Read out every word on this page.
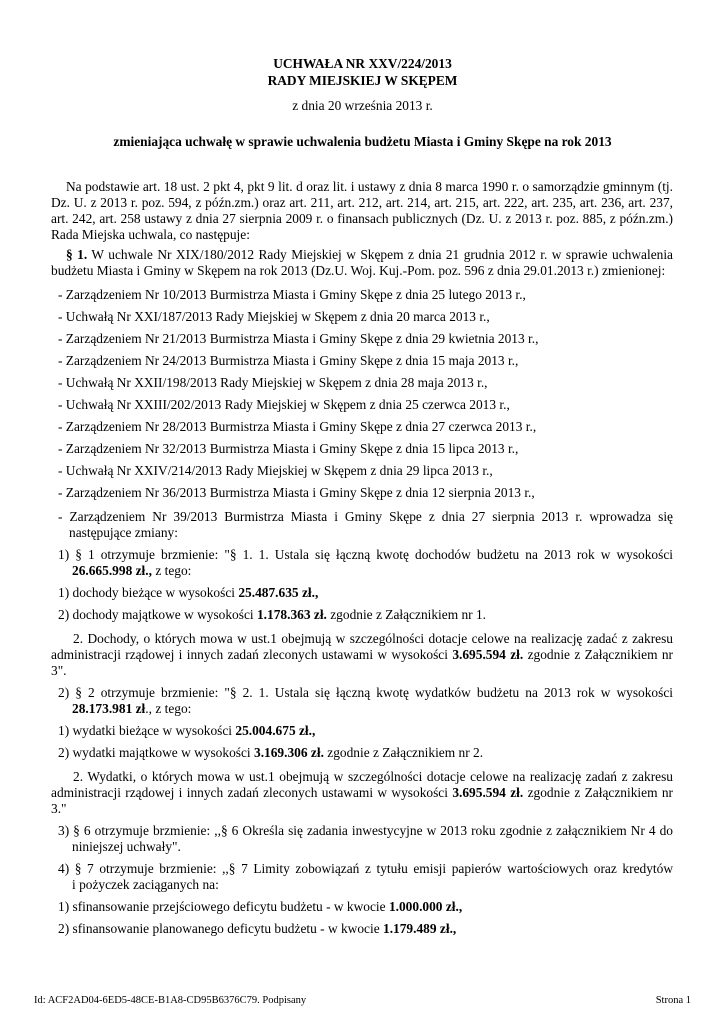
UCHWAŁA NR XXV/224/2013
RADY MIEJSKIEJ W SKĘPEM
z dnia 20 września 2013 r.
zmieniająca uchwałę w sprawie uchwalenia budżetu Miasta i Gminy Skępe na rok 2013
Na podstawie art. 18 ust. 2 pkt 4, pkt 9 lit. d oraz lit. i ustawy z dnia 8 marca 1990 r. o samorządzie gminnym (tj.
Dz. U. z 2013 r. poz. 594, z późn.zm.) oraz art. 211, art. 212, art. 214, art. 215, art. 222, art. 235, art. 236, art. 237,
art. 242, art. 258 ustawy z dnia 27 sierpnia 2009 r. o finansach publicznych (Dz. U. z 2013 r. poz. 885, z późn.zm.)
Rada Miejska uchwala, co następuje:
§ 1. W uchwale Nr XIX/180/2012 Rady Miejskiej w Skępem z dnia 21 grudnia 2012 r. w sprawie uchwalenia
budżetu Miasta i Gminy w Skępem na rok 2013 (Dz.U. Woj. Kuj.-Pom. poz. 596 z dnia 29.01.2013 r.) zmienionej:
- Zarządzeniem Nr 10/2013 Burmistrza Miasta i Gminy Skępe z dnia 25 lutego 2013 r.,
- Uchwałą Nr XXI/187/2013 Rady Miejskiej w Skępem z dnia 20 marca 2013 r.,
- Zarządzeniem Nr 21/2013 Burmistrza Miasta i Gminy Skępe z dnia 29 kwietnia 2013 r.,
- Zarządzeniem Nr 24/2013 Burmistrza Miasta i Gminy Skępe z dnia 15 maja 2013 r.,
- Uchwałą Nr XXII/198/2013 Rady Miejskiej w Skępem z dnia 28 maja 2013 r.,
- Uchwałą Nr XXIII/202/2013 Rady Miejskiej w Skępem z dnia 25 czerwca 2013 r.,
- Zarządzeniem Nr 28/2013 Burmistrza Miasta i Gminy Skępe z dnia 27 czerwca 2013 r.,
- Zarządzeniem Nr 32/2013 Burmistrza Miasta i Gminy Skępe z dnia 15 lipca 2013 r.,
- Uchwałą Nr XXIV/214/2013 Rady Miejskiej w Skępem z dnia 29 lipca 2013 r.,
- Zarządzeniem Nr 36/2013 Burmistrza Miasta i Gminy Skępe z dnia 12 sierpnia 2013 r.,
- Zarządzeniem Nr 39/2013 Burmistrza Miasta i Gminy Skępe z dnia 27 sierpnia 2013 r. wprowadza się
następujące zmiany:
1) § 1 otrzymuje brzmienie: "§ 1. 1. Ustala się łączną kwotę dochodów budżetu na 2013 rok w wysokości
26.665.998 zł., z tego:
1) dochody bieżące w wysokości 25.487.635 zł.,
2) dochody majątkowe w wysokości 1.178.363 zł. zgodnie z Załącznikiem nr 1.
2. Dochody, o których mowa w ust.1 obejmują w szczególności dotacje celowe na realizację zadać z zakresu
administracji rządowej i innych zadań zleconych ustawami w wysokości 3.695.594 zł. zgodnie z Załącznikiem nr
3".
2) § 2 otrzymuje brzmienie: "§ 2. 1. Ustala się łączną kwotę wydatków budżetu na 2013 rok w wysokości
28.173.981 zł., z tego:
1) wydatki bieżące w wysokości 25.004.675 zł.,
2) wydatki majątkowe w wysokości 3.169.306 zł. zgodnie z Załącznikiem nr 2.
2. Wydatki, o których mowa w ust.1 obejmują w szczególności dotacje celowe na realizację zadań z zakresu
administracji rządowej i innych zadań zleconych ustawami w wysokości 3.695.594 zł. zgodnie z Załącznikiem nr
3."
3) § 6 otrzymuje brzmienie: ,,§ 6 Określa się zadania inwestycyjne w 2013 roku zgodnie z załącznikiem Nr 4 do
niniejszej uchwały".
4) § 7 otrzymuje brzmienie: ,,§ 7 Limity zobowiązań z tytułu emisji papierów wartościowych oraz kredytów
i pożyczek zaciąganych na:
1) sfinansowanie przejściowego deficytu budżetu - w kwocie 1.000.000 zł.,
2) sfinansowanie planowanego deficytu budżetu - w kwocie 1.179.489 zł.,
Id: ACF2AD04-6ED5-48CE-B1A8-CD95B6376C79. Podpisany	Strona 1
